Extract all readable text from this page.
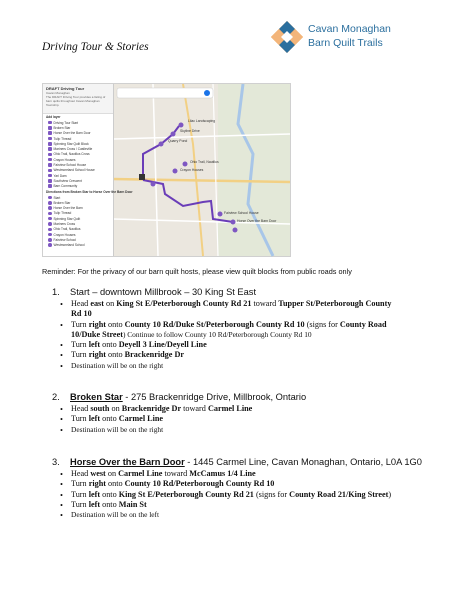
Driving Tour & Stories
Cavan Monaghan
Barn Quilt Trails
DRAFT Driving Tour
Cavan Monaghan
The DRAFT Driving Tour provides a listing of barn quilts throughout Cavan Monaghan Township.
Add layer
Driving Tour Start
Broken Star
Horse Over the Barn Door
Tulip Thread
Spinning Star Quilt Block
Mariners Cross / Castleville
Ohio Trail, Nautilus Cross
Crayon Houses
Fairview School House
Westmoreland School House
Yarl Dam
Southview Crescent
Barn Community
Directions from Broken Star to Horse Over the Barn Door
Start
Broken Star
Horse Over the Barn
Tulip Thread
Spinning Star Quilt
Mariners Cross
Ohio Trail, Nautilus
Crayon Houses
Fairview School
Westmoreland School
Lilac Landscaping
Skyline Drive
Quarry Pond
Ohio Trail, Nautilus
Crayon Houses
Horse Over the Barn Door
Fairview School House
Reminder: For the privacy of our barn quilt hosts, please view quilt blocks from public roads only
1. Start – downtown Millbrook – 30 King St East
• Head east on King St E/Peterborough County Rd 21 toward Tupper St/Peterborough County Rd 10
• Turn right onto County 10 Rd/Duke St/Peterborough County Rd 10 (signs for County Road 10/Duke Street) Continue to follow County 10 Rd/Peterborough County Rd 10
• Turn left onto Deyell 3 Line/Deyell Line
• Turn right onto Brackenridge Dr
• Destination will be on the right
2. Broken Star - 275 Brackenridge Drive, Millbrook, Ontario
• Head south on Brackenridge Dr toward Carmel Line
• Turn left onto Carmel Line
• Destination will be on the right
3. Horse Over the Barn Door - 1445 Carmel Line, Cavan Monaghan, Ontario, L0A 1G0
• Head west on Carmel Line toward McCamus 1/4 Line
• Turn right onto County 10 Rd/Peterborough County Rd 10
• Turn left onto King St E/Peterborough County Rd 21 (signs for County Road 21/King Street)
• Turn left onto Main St
• Destination will be on the left
